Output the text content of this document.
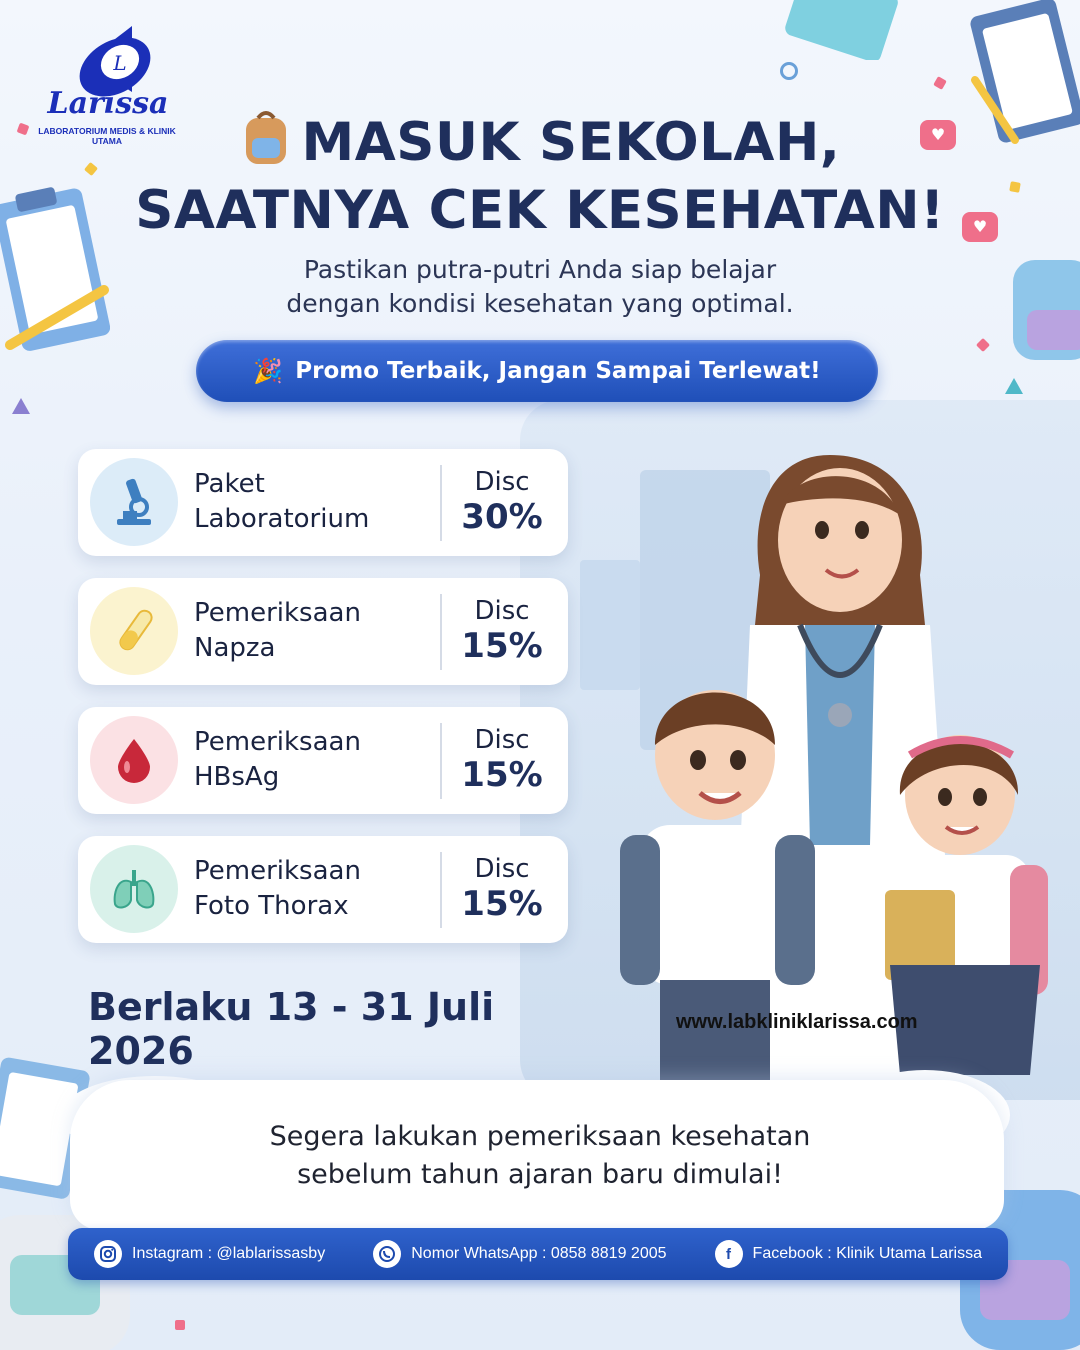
♥
♥
L
Larissa
LABORATORIUM MEDIS & KLINIK UTAMA	MASUK SEKOLAH,
SAATNYA CEK KESEHATAN!
Pastikan putra-putri Anda siap belajar
dengan kondisi kesehatan yang optimal.
🎉 Promo Terbaik, Jangan Sampai Terlewat!
Paket
Laboratorium
Disc
30%
Pemeriksaan
Napza
Disc
15%
Pemeriksaan
HBsAg
Disc
15%
Pemeriksaan
Foto Thorax
Disc
15%
Berlaku 13 - 31 Juli 2026
www.labkliniklarissa.com
Segera lakukan pemeriksaan kesehatan
sebelum tahun ajaran baru dimulai!
Instagram : @lablarissasby	Nomor WhatsApp : 0858 8819 2005	f	Facebook : Klinik Utama Larissa
